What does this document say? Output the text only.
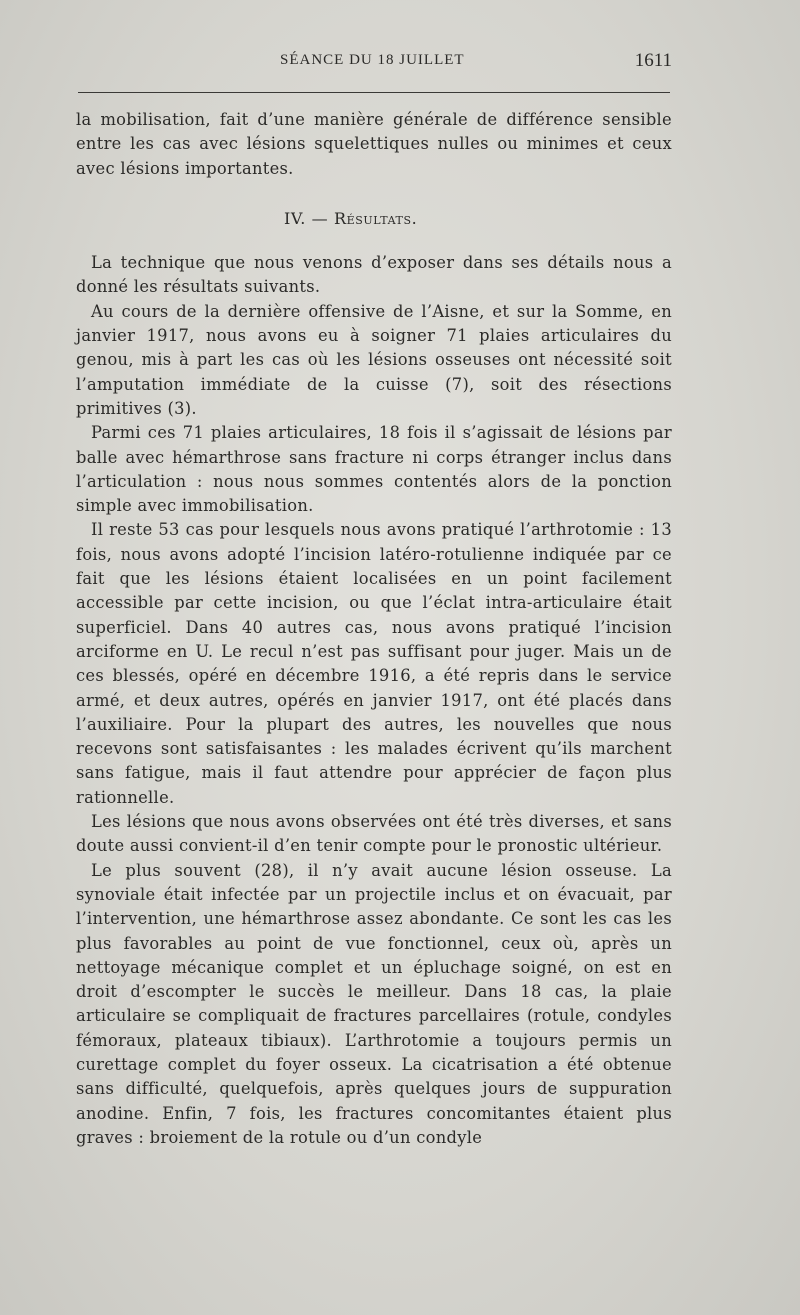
SÉANCE DU 18 JUILLET	1611

la mobilisation, fait d’une manière générale de différence sensible entre les cas avec lésions squelettiques nulles ou minimes et ceux avec lésions importantes.

IV. — Résultats.

La technique que nous venons d’exposer dans ses détails nous a donné les résultats suivants.

Au cours de la dernière offensive de l’Aisne, et sur la Somme, en janvier 1917, nous avons eu à soigner 71 plaies articulaires du genou, mis à part les cas où les lésions osseuses ont nécessité soit l’amputation immédiate de la cuisse (7), soit des résections primitives (3).

Parmi ces 71 plaies articulaires, 18 fois il s’agissait de lésions par balle avec hémarthrose sans fracture ni corps étranger inclus dans l’articulation : nous nous sommes contentés alors de la ponction simple avec immobilisation.

Il reste 53 cas pour lesquels nous avons pratiqué l’arthrotomie : 13 fois, nous avons adopté l’incision latéro-rotulienne indiquée par ce fait que les lésions étaient localisées en un point facilement accessible par cette incision, ou que l’éclat intra-articulaire était superficiel. Dans 40 autres cas, nous avons pratiqué l’incision arciforme en U. Le recul n’est pas suffisant pour juger. Mais un de ces blessés, opéré en décembre 1916, a été repris dans le service armé, et deux autres, opérés en janvier 1917, ont été placés dans l’auxiliaire. Pour la plupart des autres, les nouvelles que nous recevons sont satisfaisantes : les malades écrivent qu’ils marchent sans fatigue, mais il faut attendre pour apprécier de façon plus rationnelle.

Les lésions que nous avons observées ont été très diverses, et sans doute aussi convient-il d’en tenir compte pour le pronostic ultérieur.

Le plus souvent (28), il n’y avait aucune lésion osseuse. La synoviale était infectée par un projectile inclus et on évacuait, par l’intervention, une hémarthrose assez abondante. Ce sont les cas les plus favorables au point de vue fonctionnel, ceux où, après un nettoyage mécanique complet et un épluchage soigné, on est en droit d’escompter le succès le meilleur. Dans 18 cas, la plaie articulaire se compliquait de fractures parcellaires (rotule, condyles fémoraux, plateaux tibiaux). L’arthrotomie a toujours permis un curettage complet du foyer osseux. La cicatrisation a été obtenue sans difficulté, quelquefois, après quelques jours de suppuration anodine. Enfin, 7 fois, les fractures concomitantes étaient plus graves : broiement de la rotule ou d’un condyle
